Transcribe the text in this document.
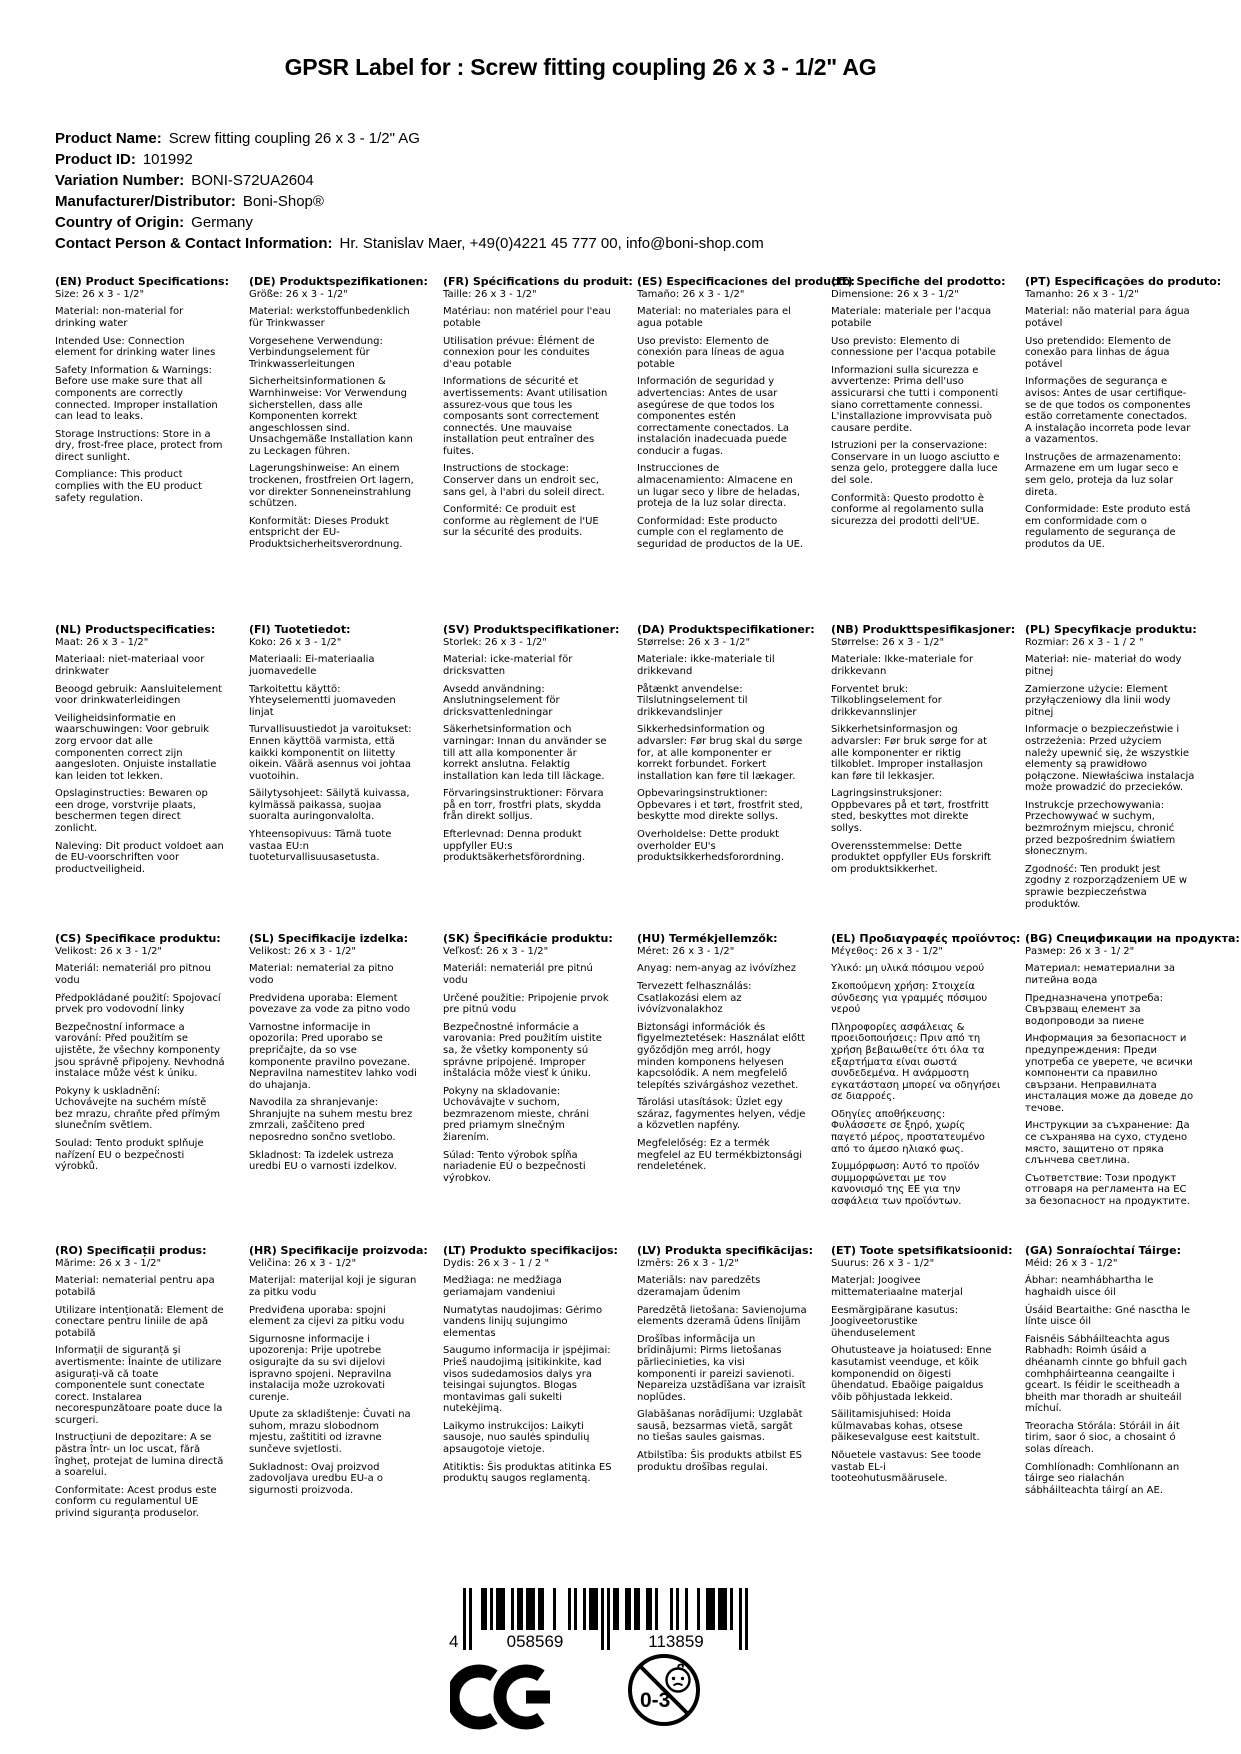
GPSR Label for : Screw fitting coupling 26 x 3 - 1/2" AG
Product Name: Screw fitting coupling 26 x 3 - 1/2" AG
Product ID: 101992
Variation Number: BONI-S72UA2604
Manufacturer/Distributor: Boni-Shop®
Country of Origin: Germany
Contact Person & Contact Information: Hr. Stanislav Maer, +49(0)4221 45 777 00, info@boni-shop.com
(EN) Product Specifications:

Size: 26 x 3 - 1/2"

Material: non-material for drinking water

Intended Use: Connection element for drinking water lines

Safety Information & Warnings: Before use make sure that all components are correctly connected. Improper installation can lead to leaks.

Storage Instructions: Store in a dry, frost-free place, protect from direct sunlight.

Compliance: This product complies with the EU product safety regulation.

(DE) Produktspezifikationen:

Größe: 26 x 3 - 1/2"

Material: werkstoffunbedenklich für Trinkwasser

Vorgesehene Verwendung: Verbindungselement für Trinkwasserleitungen

Sicherheitsinformationen & Warnhinweise: Vor Verwendung sicherstellen, dass alle Komponenten korrekt angeschlossen sind. Unsachgemäße Installation kann zu Leckagen führen.

Lagerungshinweise: An einem trockenen, frostfreien Ort lagern, vor direkter Sonneneinstrahlung schützen.

Konformität: Dieses Produkt entspricht der EU-Produktsicherheitsverordnung.

(FR) Spécifications du produit:

Taille: 26 x 3 - 1/2"

Matériau: non matériel pour l'eau potable

Utilisation prévue: Élément de connexion pour les conduites d'eau potable

Informations de sécurité et avertissements: Avant utilisation assurez-vous que tous les composants sont correctement connectés. Une mauvaise installation peut entraîner des fuites.

Instructions de stockage: Conserver dans un endroit sec, sans gel, à l'abri du soleil direct.

Conformité: Ce produit est conforme au règlement de l'UE sur la sécurité des produits.

(ES) Especificaciones del producto:

Tamaño: 26 x 3 - 1/2"

Material: no materiales para el agua potable

Uso previsto: Elemento de conexión para líneas de agua potable

Información de seguridad y advertencias: Antes de usar asegúrese de que todos los componentes estén correctamente conectados. La instalación inadecuada puede conducir a fugas.

Instrucciones de almacenamiento: Almacene en un lugar seco y libre de heladas, proteja de la luz solar directa.

Conformidad: Este producto cumple con el reglamento de seguridad de productos de la UE.

(IT) Specifiche del prodotto:

Dimensione: 26 x 3 - 1/2"

Materiale: materiale per l'acqua potabile

Uso previsto: Elemento di connessione per l'acqua potabile

Informazioni sulla sicurezza e avvertenze: Prima dell'uso assicurarsi che tutti i componenti siano correttamente connessi. L'installazione improvvisata può causare perdite.

Istruzioni per la conservazione: Conservare in un luogo asciutto e senza gelo, proteggere dalla luce del sole.

Conformità: Questo prodotto è conforme al regolamento sulla sicurezza dei prodotti dell'UE.

(PT) Especificações do produto:

Tamanho: 26 x 3 - 1/2"

Material: não material para água potável

Uso pretendido: Elemento de conexão para linhas de água potável

Informações de segurança e avisos: Antes de usar certifique-se de que todos os componentes estão corretamente conectados. A instalação incorreta pode levar a vazamentos.

Instruções de armazenamento: Armazene em um lugar seco e sem gelo, proteja da luz solar direta.

Conformidade: Este produto está em conformidade com o regulamento de segurança de produtos da UE.

(NL) Productspecificaties:

Maat: 26 x 3 - 1/2"

Materiaal: niet-materiaal voor drinkwater

Beoogd gebruik: Aansluitelement voor drinkwaterleidingen

Veiligheidsinformatie en waarschuwingen: Voor gebruik zorg ervoor dat alle componenten correct zijn aangesloten. Onjuiste installatie kan leiden tot lekken.

Opslaginstructies: Bewaren op een droge, vorstvrije plaats, beschermen tegen direct zonlicht.

Naleving: Dit product voldoet aan de EU-voorschriften voor productveiligheid.

(FI) Tuotetiedot:

Koko: 26 x 3 - 1/2"

Materiaali: Ei-materiaalia juomavedelle

Tarkoitettu käyttö: Yhteyselementti juomaveden linjat

Turvallisuustiedot ja varoitukset: Ennen käyttöä varmista, että kaikki komponentit on liitetty oikein. Väärä asennus voi johtaa vuotoihin.

Säilytysohjeet: Säilytä kuivassa, kylmässä paikassa, suojaa suoralta auringonvalolta.

Yhteensopivuus: Tämä tuote vastaa EU:n tuoteturvallisuusasetusta.

(SV) Produktspecifikationer:

Storlek: 26 x 3 - 1/2"

Material: icke-material för dricksvatten

Avsedd användning: Anslutningselement för dricksvattenledningar

Säkerhetsinformation och varningar: Innan du använder se till att alla komponenter är korrekt anslutna. Felaktig installation kan leda till läckage.

Förvaringsinstruktioner: Förvara på en torr, frostfri plats, skydda från direkt solljus.

Efterlevnad: Denna produkt uppfyller EU:s produktsäkerhetsförordning.

(DA) Produktspecifikationer:

Størrelse: 26 x 3 - 1/2"

Materiale: ikke-materiale til drikkevand

Påtænkt anvendelse: Tilslutningselement til drikkevandslinjer

Sikkerhedsinformation og advarsler: Før brug skal du sørge for, at alle komponenter er korrekt forbundet. Forkert installation kan føre til lækager.

Opbevaringsinstruktioner: Opbevares i et tørt, frostfrit sted, beskytte mod direkte sollys.

Overholdelse: Dette produkt overholder EU's produktsikkerhedsforordning.

(NB) Produkttspesifikasjoner:

Størrelse: 26 x 3 - 1/2"

Materiale: Ikke-materiale for drikkevann

Forventet bruk: Tilkoblingselement for drikkevannslinjer

Sikkerhetsinformasjon og advarsler: Før bruk sørge for at alle komponenter er riktig tilkoblet. Improper installasjon kan føre til lekkasjer.

Lagringsinstruksjoner: Oppbevares på et tørt, frostfritt sted, beskyttes mot direkte sollys.

Overensstemmelse: Dette produktet oppfyller EUs forskrift om produktsikkerhet.

(PL) Specyfikacje produktu:

Rozmiar: 26 x 3 - 1 / 2 "

Materiał: nie- materiał do wody pitnej

Zamierzone użycie: Element przyłączeniowy dla linii wody pitnej

Informacje o bezpieczeństwie i ostrzeżenia: Przed użyciem należy upewnić się, że wszystkie elementy są prawidłowo połączone. Niewłaściwa instalacja może prowadzić do przecieków.

Instrukcje przechowywania: Przechowywać w suchym, bezmroźnym miejscu, chronić przed bezpośrednim światłem słonecznym.

Zgodność: Ten produkt jest zgodny z rozporządzeniem UE w sprawie bezpieczeństwa produktów.

(CS) Specifikace produktu:

Velikost: 26 x 3 - 1/2"

Materiál: nemateriál pro pitnou vodu

Předpokládané použití: Spojovací prvek pro vodovodní linky

Bezpečnostní informace a varování: Před použitím se ujistěte, že všechny komponenty jsou správně připojeny. Nevhodná instalace může vést k úniku.

Pokyny k uskladnění: Uchovávejte na suchém místě bez mrazu, chraňte před přímým slunečním světlem.

Soulad: Tento produkt splňuje nařízení EU o bezpečnosti výrobků.

(SL) Specifikacije izdelka:

Velikost: 26 x 3 - 1/2"

Material: nematerial za pitno vodo

Predvidena uporaba: Element povezave za vode za pitno vodo

Varnostne informacije in opozorila: Pred uporabo se prepričajte, da so vse komponente pravilno povezane. Nepravilna namestitev lahko vodi do uhajanja.

Navodila za shranjevanje: Shranjujte na suhem mestu brez zmrzali, zaščiteno pred neposredno sončno svetlobo.

Skladnost: Ta izdelek ustreza uredbi EU o varnosti izdelkov.

(SK) Špecifikácie produktu:

Veľkosť: 26 x 3 - 1/2"

Materiál: nemateriál pre pitnú vodu

Určené použitie: Pripojenie prvok pre pitnú vodu

Bezpečnostné informácie a varovania: Pred použitím uistite sa, že všetky komponenty sú správne pripojené. Improper inštalácia môže viesť k úniku.

Pokyny na skladovanie: Uchovávajte v suchom, bezmrazenom mieste, chráni pred priamym slnečným žiarením.

Súlad: Tento výrobok spĺňa nariadenie EÚ o bezpečnosti výrobkov.

(HU) Termékjellemzők:

Méret: 26 x 3 - 1/2"

Anyag: nem-anyag az ivóvízhez

Tervezett felhasználás: Csatlakozási elem az ivóvízvonalakhoz

Biztonsági információk és figyelmeztetések: Használat előtt győződjön meg arról, hogy minden komponens helyesen kapcsolódik. A nem megfelelő telepítés szivárgáshoz vezethet.

Tárolási utasítások: Üzlet egy száraz, fagymentes helyen, védje a közvetlen napfény.

Megfelelőség: Ez a termék megfelel az EU termékbiztonsági rendeletének.

(EL) Προδιαγραφές προϊόντος:

Μέγεθος: 26 x 3 - 1/2"

Υλικό: μη υλικά πόσιμου νερού

Σκοπούμενη χρήση: Στοιχεία σύνδεσης για γραμμές πόσιμου νερού

Πληροφορίες ασφάλειας & προειδοποιήσεις: Πριν από τη χρήση βεβαιωθείτε ότι όλα τα εξαρτήματα είναι σωστά συνδεδεμένα. Η ανάρμοστη εγκατάσταση μπορεί να οδηγήσει σε διαρροές.

Οδηγίες αποθήκευσης: Φυλάσσετε σε ξηρό, χωρίς παγετό μέρος, προστατευμένο από το άμεσο ηλιακό φως.

Συμμόρφωση: Αυτό το προϊόν συμμορφώνεται με τον κανονισμό της ΕΕ για την ασφάλεια των προϊόντων.

(BG) Спецификации на продукта:

Размер: 26 x 3 - 1/ 2"

Материал: нематериални за питейна вода

Предназначена употреба: Свързващ елемент за водопроводи за пиене

Информация за безопасност и предупреждения: Преди употреба се уверете, че всички компоненти са правилно свързани. Неправилната инсталация може да доведе до течове.

Инструкции за съхранение: Да се съхранява на сухо, студено място, защитено от пряка слънчева светлина.

Съответствие: Този продукт отговаря на регламента на ЕС за безопасност на продуктите.

(RO) Specificații produs:

Mărime: 26 x 3 - 1/2"

Material: nematerial pentru apa potabilă

Utilizare intenționată: Element de conectare pentru liniile de apă potabilă

Informații de siguranță și avertismente: Înainte de utilizare asigurați-vă că toate componentele sunt conectate corect. Instalarea necorespunzătoare poate duce la scurgeri.

Instrucțiuni de depozitare: A se păstra într- un loc uscat, fără îngheț, protejat de lumina directă a soarelui.

Conformitate: Acest produs este conform cu regulamentul UE privind siguranța produselor.

(HR) Specifikacije proizvoda:

Veličina: 26 x 3 - 1/2"

Materijal: materijal koji je siguran za pitku vodu

Predviđena uporaba: spojni element za cijevi za pitku vodu

Sigurnosne informacije i upozorenja: Prije upotrebe osigurajte da su svi dijelovi ispravno spojeni. Nepravilna instalacija može uzrokovati curenje.

Upute za skladištenje: Čuvati na suhom, mrazu slobodnom mjestu, zaštititi od izravne sunčeve svjetlosti.

Sukladnost: Ovaj proizvod zadovoljava uredbu EU-a o sigurnosti proizvoda.

(LT) Produkto specifikacijos:

Dydis: 26 x 3 - 1 / 2 "

Medžiaga: ne medžiaga geriamajam vandeniui

Numatytas naudojimas: Gėrimo vandens linijų sujungimo elementas

Saugumo informacija ir įspėjimai: Prieš naudojimą įsitikinkite, kad visos sudedamosios dalys yra teisingai sujungtos. Blogas montavimas gali sukelti nutekėjimą.

Laikymo instrukcijos: Laikyti sausoje, nuo saulės spindulių apsaugotoje vietoje.

Atitiktis: Šis produktas atitinka ES produktų saugos reglamentą.

(LV) Produkta specifikācijas:

Izmērs: 26 x 3 - 1/2"

Materiāls: nav paredzēts dzeramajam ūdenim

Paredzētā lietošana: Savienojuma elements dzeramā ūdens līnijām

Drošības informācija un brīdinājumi: Pirms lietošanas pārliecinieties, ka visi komponenti ir pareizi savienoti. Nepareiza uzstādīšana var izraisīt noplūdes.

Glabāšanas norādījumi: Uzglabāt sausā, bezsarmas vietā, sargāt no tiešas saules gaismas.

Atbilstība: Šis produkts atbilst ES produktu drošības regulai.

(ET) Toote spetsifikatsioonid:

Suurus: 26 x 3 - 1/2"

Materjal: Joogivee mittemateriaalne materjal

Eesmärgipärane kasutus: Joogiveetorustike ühenduselement

Ohutusteave ja hoiatused: Enne kasutamist veenduge, et kõik komponendid on õigesti ühendatud. Ebaõige paigaldus võib põhjustada lekkeid.

Säilitamisjuhised: Hoida külmavabas kohas, otsese päikesevalguse eest kaitstult.

Nõuetele vastavus: See toode vastab EL-i tooteohutusmäärusele.

(GA) Sonraíochtaí Táirge:

Méid: 26 x 3 - 1/2"

Ábhar: neamhábhartha le haghaidh uisce óil

Úsáid Beartaithe: Gné nasctha le línte uisce óil

Faisnéis Sábháilteachta agus Rabhadh: Roimh úsáid a dhéanamh cinnte go bhfuil gach comhpháirteanna ceangailte i gceart. Is féidir le sceitheadh a bheith mar thoradh ar shuiteáil míchuí.

Treoracha Stórála: Stóráil in áit tirim, saor ó sioc, a chosaint ó solas díreach.

Comhlíonadh: Comhlíonann an táirge seo rialachán sábháilteachta táirgí an AE.

4	058569	113859
0-3
